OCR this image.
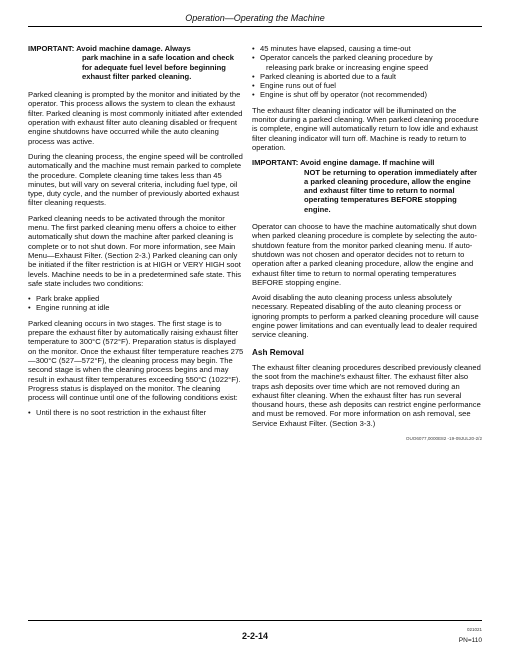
Operation—Operating the Machine

IMPORTANT: Avoid machine damage. Always
park machine in a safe location and check for adequate fuel level before beginning exhaust filter parked cleaning.

Parked cleaning is prompted by the monitor and initiated by the operator. This process allows the system to clean the exhaust filter. Parked cleaning is most commonly initiated after extended operation with exhaust filter auto cleaning disabled or frequent engine shutdowns have occurred while the auto cleaning process was active.

During the cleaning process, the engine speed will be controlled automatically and the machine must remain parked to complete the procedure. Complete cleaning time takes less than 45 minutes, but will vary on several criteria, including fuel type, oil type, duty cycle, and the number of previously aborted exhaust filter cleaning requests.

Parked cleaning needs to be activated through the monitor menu. The first parked cleaning menu offers a choice to either automatically shut down the machine after parked cleaning is complete or to not shut down. For more information, see Main Menu—Exhaust Filter. (Section 2-3.) Parked cleaning can only be initiated if the filter restriction is at HIGH or VERY HIGH soot levels. Machine needs to be in a predetermined safe state. This safe state includes two conditions:

• Park brake applied
• Engine running at idle

Parked cleaning occurs in two stages. The first stage is to prepare the exhaust filter by automatically raising exhaust filter temperature to 300°C (572°F). Preparation status is displayed on the monitor. Once the exhaust filter temperature reaches 275—300°C (527—572°F), the cleaning process may begin. The second stage is when the cleaning process begins and may result in exhaust filter temperatures exceeding 550°C (1022°F). Progress status is displayed on the monitor. The cleaning process will continue until one of the following conditions exist:

• Until there is no soot restriction in the exhaust filter
• 45 minutes have elapsed, causing a time-out
• Operator cancels the parked cleaning procedure by
releasing park brake or increasing engine speed
• Parked cleaning is aborted due to a fault
• Engine runs out of fuel
• Engine is shut off by operator (not recommended)

The exhaust filter cleaning indicator will be illuminated on the monitor during a parked cleaning. When parked cleaning procedure is complete, engine will automatically return to low idle and exhaust filter cleaning indicator will turn off. Machine is ready to return to operation.

IMPORTANT: Avoid engine damage. If machine will
NOT be returning to operation immediately after a parked cleaning procedure, allow the engine and exhaust filter time to return to normal operating temperatures BEFORE stopping engine.

Operator can choose to have the machine automatically shut down when parked cleaning procedure is complete by selecting the auto-shutdown feature from the monitor parked cleaning menu. If auto-shutdown was not chosen and operator decides not to return to operation after a parked cleaning procedure, allow the engine and exhaust filter time to return to normal operating temperatures BEFORE stopping engine.

Avoid disabling the auto cleaning process unless absolutely necessary. Repeated disabling of the auto cleaning process or ignoring prompts to perform a parked cleaning procedure will cause engine power limitations and can eventually lead to dealer required service cleaning.

Ash Removal

The exhaust filter cleaning procedures described previously cleaned the soot from the machine's exhaust filter. The exhaust filter also traps ash deposits over time which are not removed during an exhaust filter cleaning. When the exhaust filter has run several thousand hours, these ash deposits can restrict engine performance and must be removed. For more information on ash removal, see Service Exhaust Filter. (Section 3-3.)

OUO6077,0000E82 -19-09JUL20-2/2
2-2-14
021021
PN=110
